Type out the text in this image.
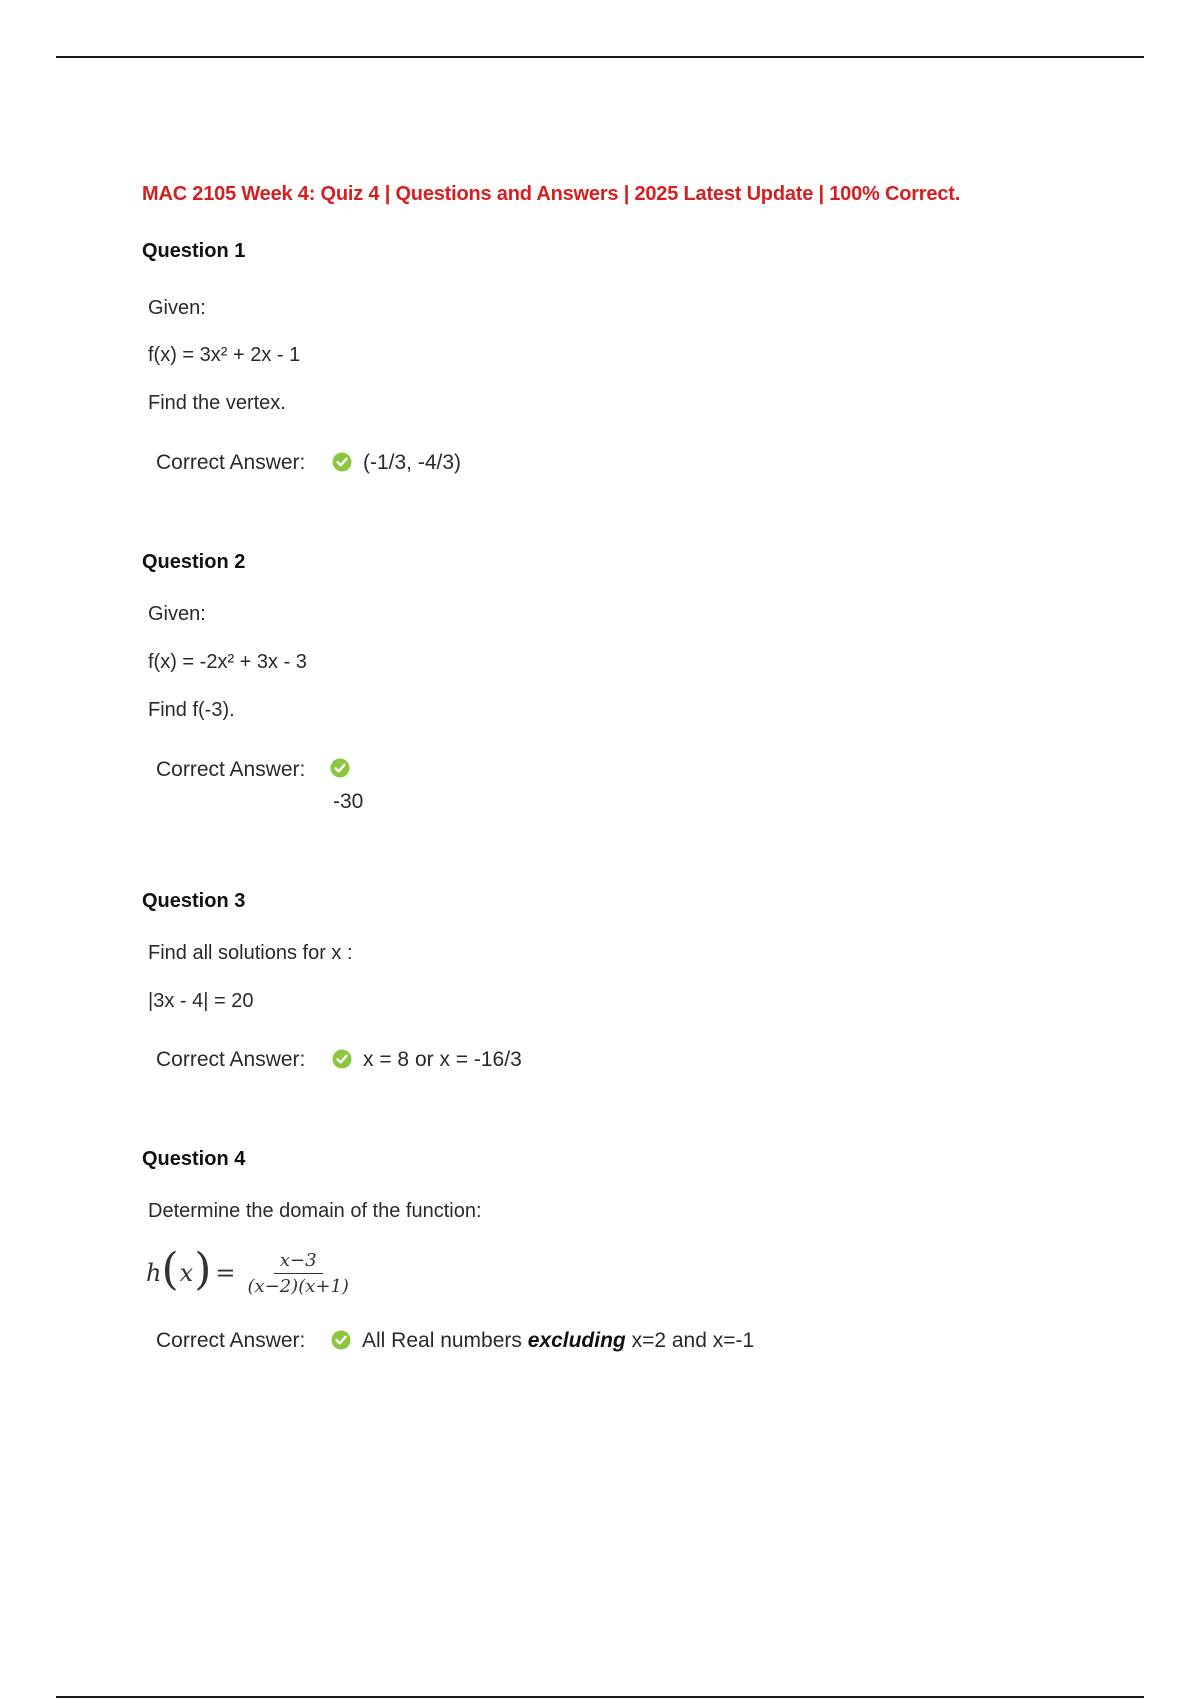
MAC 2105 Week 4: Quiz 4 | Questions and Answers | 2025 Latest Update | 100% Correct.
Question 1
Given:
f(x) = 3x² + 2x - 1
Find the vertex.
Correct Answer:	(-1/3, -4/3)
Question 2
Given:
f(x) = -2x² + 3x - 3
Find f(-3).
Correct Answer:
-30
Question 3
Find all solutions for x :
|3x - 4| = 20
Correct Answer:	x = 8 or x = -16/3
Question 4
Determine the domain of the function:
h ( x ) = $\frac{x-3}{(x-2)(x+1)}$
Correct Answer:	All Real numbers excluding x=2 and x=-1
